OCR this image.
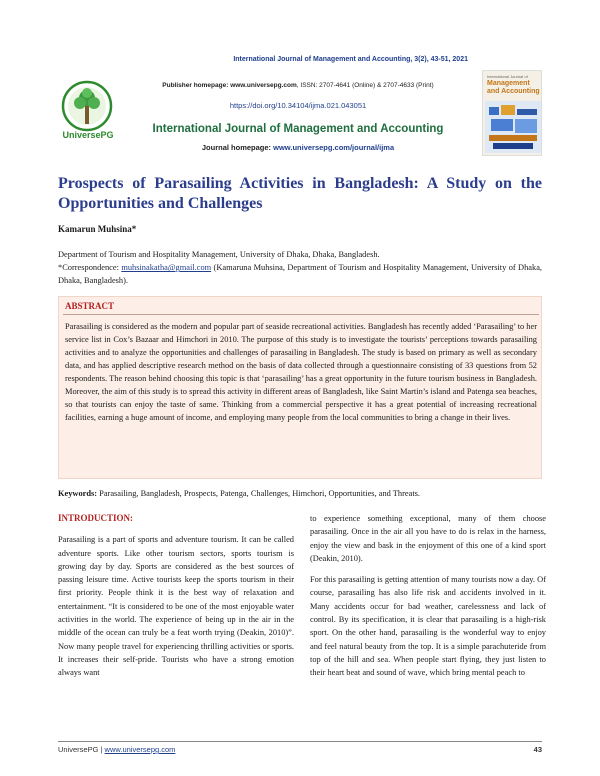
International Journal of Management and Accounting, 3(2), 43-51, 2021
UniversePG
Publisher homepage: www.universepg.com, ISSN: 2707-4641 (Online) & 2707-4633 (Print)
https://doi.org/10.34104/ijma.021.043051
International Journal of Management and Accounting
Journal homepage: www.universepg.com/journal/ijma
International Journal of
Management and Accounting
Prospects of Parasailing Activities in Bangladesh: A Study on the Opportunities and Challenges
Kamarun Muhsina*
Department of Tourism and Hospitality Management, University of Dhaka, Dhaka, Bangladesh.
*Correspondence: muhsinakatha@gmail.com (Kamaruna Muhsina, Department of Tourism and Hospitality Management, University of Dhaka, Dhaka, Bangladesh).
ABSTRACT
Parasailing is considered as the modern and popular part of seaside recreational activities. Bangladesh has recently added ‘Parasailing’ to her service list in Cox’s Bazaar and Himchori in 2010. The purpose of this study is to investigate the tourists’ perceptions towards parasailing activities and to analyze the opportunities and challenges of parasailing in Bangladesh. The study is based on primary as well as secondary data, and has applied descriptive research method on the basis of data collected through a questionnaire consisting of 33 questions from 52 respondents. The reason behind choosing this topic is that ‘parasailing’ has a great opportunity in the future tourism business in Bangladesh. Moreover, the aim of this study is to spread this activity in different areas of Bangladesh, like Saint Martin’s island and Patenga sea beaches, so that tourists can enjoy the taste of same. Thinking from a commercial perspective it has a great potential of increasing recreational facilities, earning a huge amount of income, and employing many people from the local communities to bring a change in their lives.
Keywords: Parasailing, Bangladesh, Prospects, Patenga, Challenges, Himchori, Opportunities, and Threats.
INTRODUCTION:

Parasailing is a part of sports and adventure tourism. It can be called adventure sports. Like other tourism sectors, sports tourism is growing day by day. Sports are considered as the best sources of passing leisure time. Active tourists keep the sports tourism in their first priority. People think it is the best way of relaxation and entertainment. “It is considered to be one of the most enjoyable water activities in the world. The experience of being up in the air in the middle of the ocean can truly be a feat worth trying (Deakin, 2010)”. Now many people travel for experiencing thrilling activities or sports. It increases their self-pride. Tourists who have a strong emotion always want

to experience something exceptional, many of them choose parasailing. Once in the air all you have to do is relax in the harness, enjoy the view and bask in the enjoyment of this one of a kind sport (Deakin, 2010).

For this parasailing is getting attention of many tourists now a day. Of course, parasailing has also life risk and accidents involved in it. Many accidents occur for bad weather, carelessness and lack of control. By its specification, it is clear that parasailing is a high-risk sport. On the other hand, parasailing is the wonderful way to enjoy and feel natural beauty from the top. It is a simple parachuteride from top of the hill and sea. When people start flying, they just listen to their heart beat and sound of wave, which bring mental peach to

UniversePG | www.universepg.com	43
